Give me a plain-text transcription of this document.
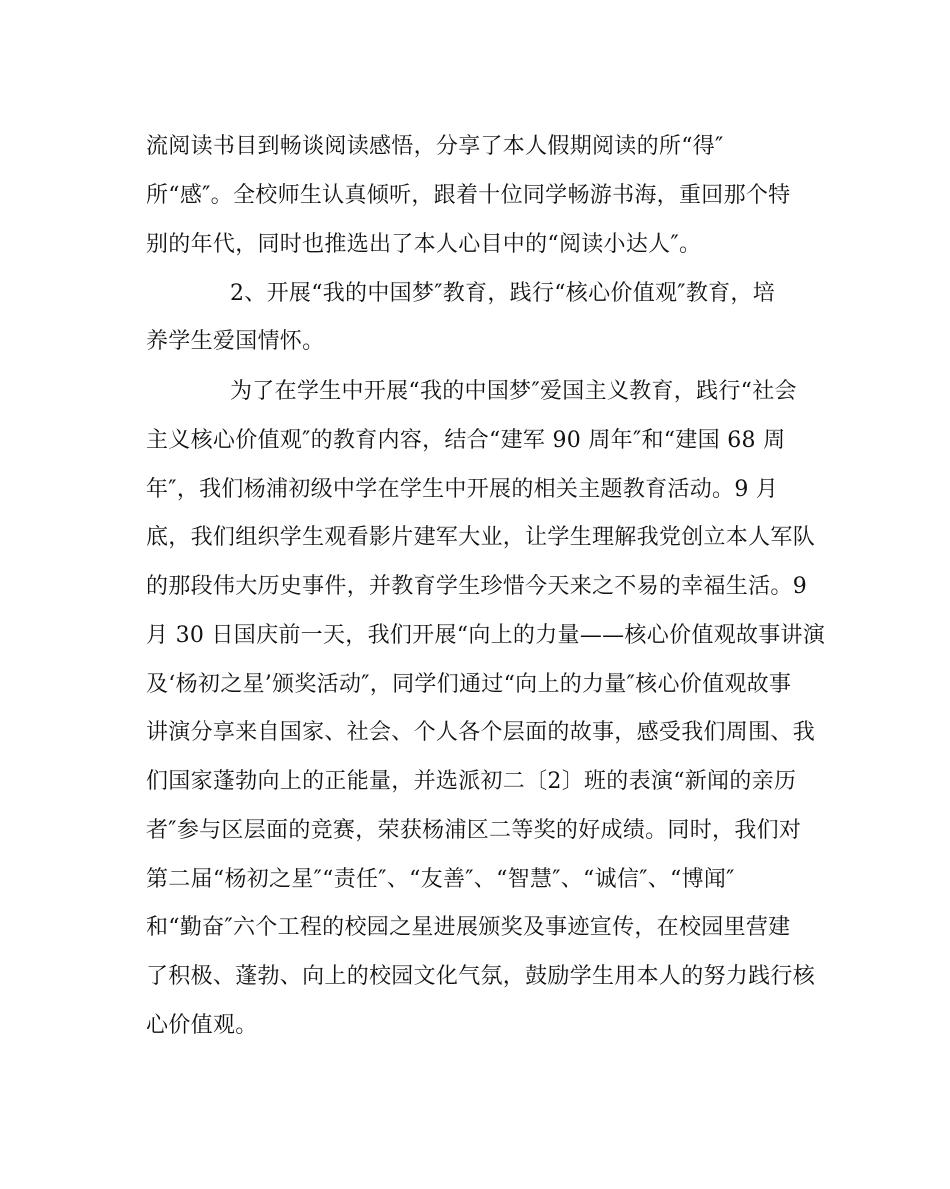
流阅读书目到畅谈阅读感悟，分享了本人假期阅读的所“得″
所“感″。全校师生认真倾听，跟着十位同学畅游书海，重回那个特
别的年代，同时也推选出了本人心目中的“阅读小达人″。
2、开展“我的中国梦″教育，践行“核心价值观″教育，培
养学生爱国情怀。
为了在学生中开展“我的中国梦″爱国主义教育，践行“社会
主义核心价值观″的教育内容，结合“建军 90 周年″和“建国 68 周
年″，我们杨浦初级中学在学生中开展的相关主题教育活动。9 月
底，我们组织学生观看影片建军大业，让学生理解我党创立本人军队
的那段伟大历史事件，并教育学生珍惜今天来之不易的幸福生活。9
月 30 日国庆前一天，我们开展“向上的力量——核心价值观故事讲演
及‘杨初之星’颁奖活动″，同学们通过“向上的力量″核心价值观故事
讲演分享来自国家、社会、个人各个层面的故事，感受我们周围、我
们国家蓬勃向上的正能量，并选派初二〔2〕班的表演“新闻的亲历
者″参与区层面的竞赛，荣获杨浦区二等奖的好成绩。同时，我们对
第二届“杨初之星″“责任″、“友善″、“智慧″、“诚信″、“博闻″
和“勤奋″六个工程的校园之星进展颁奖及事迹宣传，在校园里营建
了积极、蓬勃、向上的校园文化气氛，鼓励学生用本人的努力践行核
心价值观。
